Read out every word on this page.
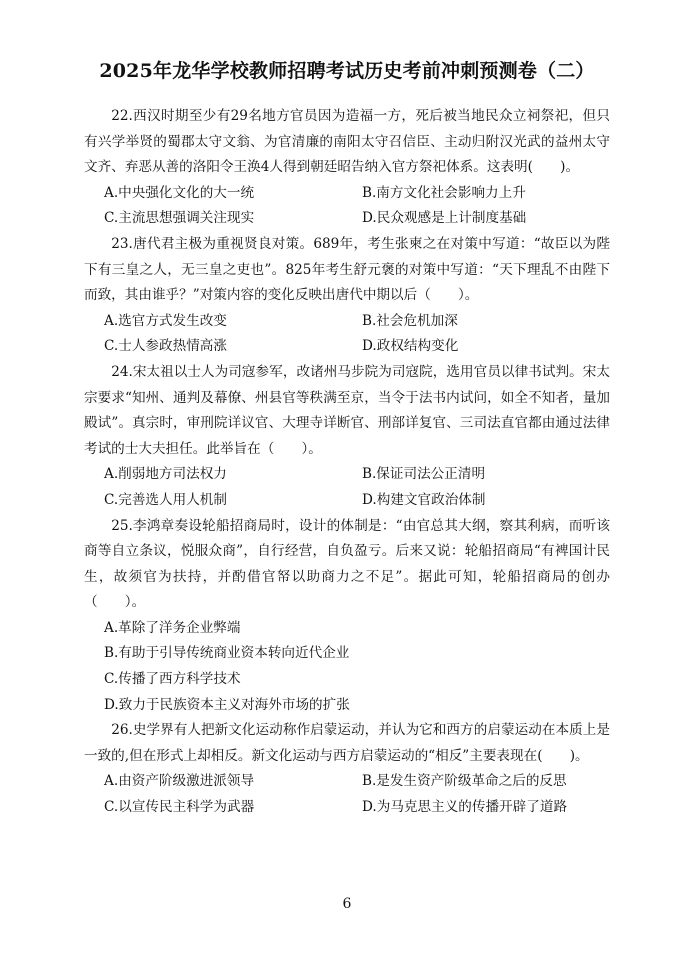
2025年龙华学校教师招聘考试历史考前冲刺预测卷（二）

22.西汉时期至少有29名地方官员因为造福一方，死后被当地民众立祠祭祀，但只有兴学举贤的蜀郡太守文翁、为官清廉的南阳太守召信臣、主动归附汉光武的益州太守文齐、弃恶从善的洛阳令王涣4人得到朝廷昭告纳入官方祭祀体系。这表明(　　)。

A.中央强化文化的大一统	B.南方文化社会影响力上升
C.主流思想强调关注现实	D.民众观感是上计制度基础

23.唐代君主极为重视贤良对策。689年，考生张柬之在对策中写道：“故臣以为陛下有三皇之人，无三皇之吏也”。825年考生舒元褒的对策中写道：“天下理乱不由陛下而致，其由谁乎？”对策内容的变化反映出唐代中期以后（　　）。

A.选官方式发生改变	B.社会危机加深
C.士人参政热情高涨	D.政权结构变化

24.宋太祖以士人为司寇参军，改诸州马步院为司寇院，选用官员以律书试判。宋太宗要求“知州、通判及幕僚、州县官等秩满至京，当令于法书内试问，如全不知者，量加殿试”。真宗时，审刑院详议官、大理寺详断官、刑部详复官、三司法直官都由通过法律考试的士大夫担任。此举旨在（　　）。

A.削弱地方司法权力	B.保证司法公正清明
C.完善选人用人机制	D.构建文官政治体制

25.李鸿章奏设轮船招商局时，设计的体制是：“由官总其大纲，察其利病，而听该商等自立条议，悦服众商”，自行经营，自负盈亏。后来又说：轮船招商局“有裨国计民生，故须官为扶持，并酌借官帑以助商力之不足”。据此可知，轮船招商局的创办（　　）。

A.革除了洋务企业弊端
B.有助于引导传统商业资本转向近代企业
C.传播了西方科学技术
D.致力于民族资本主义对海外市场的扩张

26.史学界有人把新文化运动称作启蒙运动，并认为它和西方的启蒙运动在本质上是一致的,但在形式上却相反。新文化运动与西方启蒙运动的“相反”主要表现在(　　)。

A.由资产阶级激进派领导	B.是发生资产阶级革命之后的反思
C.以宣传民主科学为武器	D.为马克思主义的传播开辟了道路
6
